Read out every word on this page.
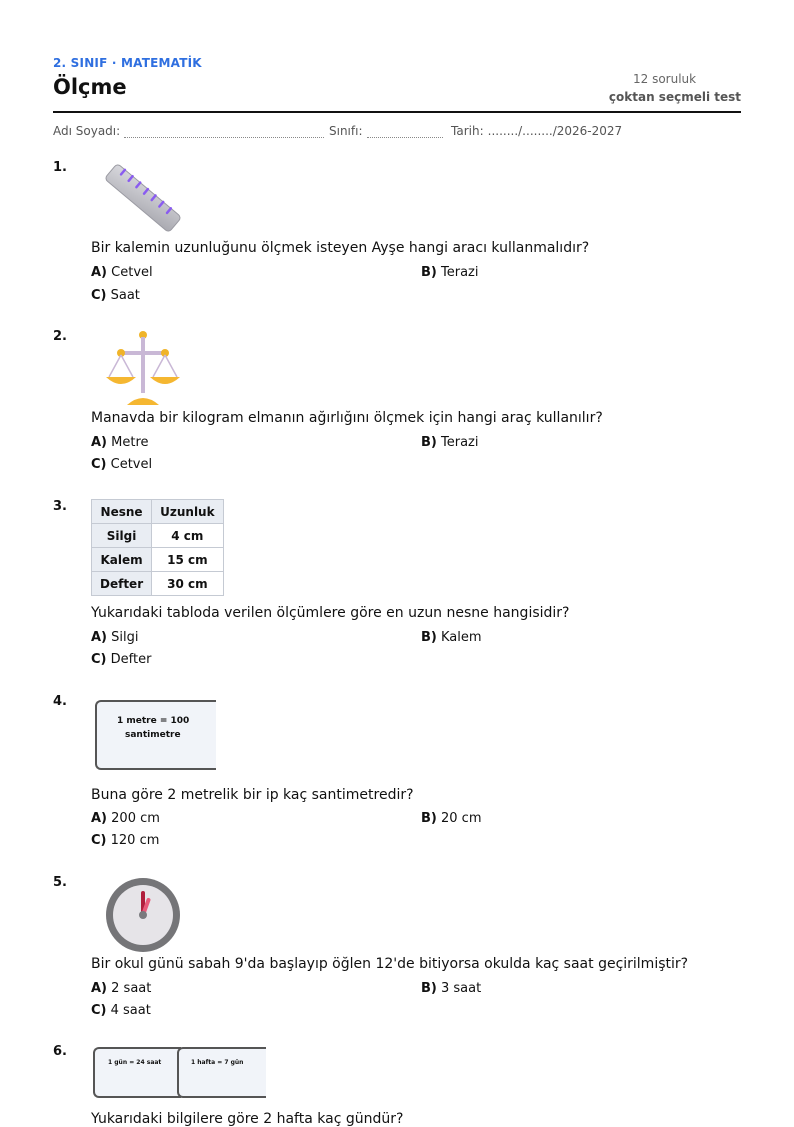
2. SINIF · MATEMATİK
Ölçme	12 soruluk
çoktan seçmeli test
Adı Soyadı:	Sınıfı:	Tarih: ......../......../2026-2027
1.
Bir kalemin uzunluğunu ölçmek isteyen Ayşe hangi aracı kullanmalıdır?
A) Cetvel	B) Terazi
C) Saat
2.
Manavda bir kilogram elmanın ağırlığını ölçmek için hangi araç kullanılır?
A) Metre	B) Terazi
C) Cetvel
3.	Nesne	Uzunluk
Silgi	4 cm
Kalem	15 cm
Defter	30 cm
Yukarıdaki tabloda verilen ölçümlere göre en uzun nesne hangisidir?
A) Silgi	B) Kalem
C) Defter
4.
1 metre = 100
santimetre
Buna göre 2 metrelik bir ip kaç santimetredir?
A) 200 cm	B) 20 cm
C) 120 cm
5.
Bir okul günü sabah 9'da başlayıp öğlen 12'de bitiyorsa okulda kaç saat geçirilmiştir?
A) 2 saat	B) 3 saat
C) 4 saat
6.
1 gün = 24 saat	1 hafta = 7 gün
Yukarıdaki bilgilere göre 2 hafta kaç gündür?
